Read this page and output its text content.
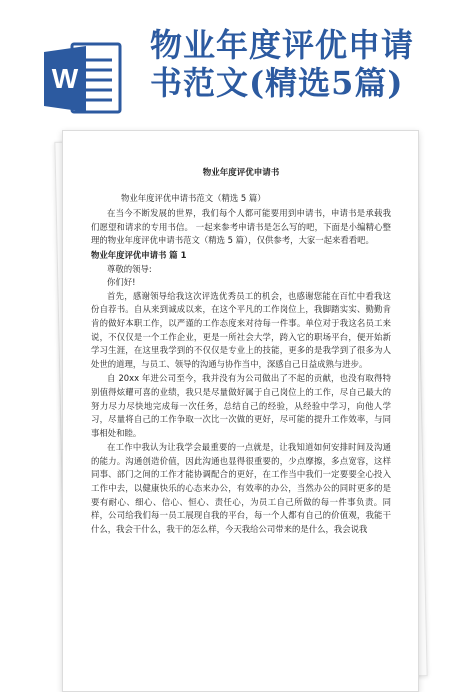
W
物业年度评优申请
书范文(精选5篇)
物业年度评优申请书
物业年度评优申请书范文（精选 5 篇）

在当今不断发展的世界，我们每个人都可能要用到申请书，申请书是承载我们愿望和请求的专用书信。 一起来参考申请书是怎么写的吧，下面是小编精心整理的物业年度评优申请书范文（精选 5 篇），仅供参考，大家一起来看看吧。

物业年度评优申请书 篇 1

尊敬的领导:

你们好!

首先，感谢领导给我这次评选优秀员工的机会，也感谢您能在百忙中看我这份自荐书。自从来到诚成以来，在这个平凡的工作岗位上，我脚踏实实、勤勤肯肯的做好本职工作，以严谨的工作态度来对待每一件事。单位对于我这名员工来说，不仅仅是一个工作企业，更是一所社会大学，跨入它的职场平台，便开始新学习生涯，在这里我学到的不仅仅是专业上的技能，更多的是我学到了很多为人处世的道理，与员工、领导的沟通与协作当中，深感自己日益成熟与进步。

自 20xx 年进公司至今，我并没有为公司做出了不起的贡献，也没有取得特别值得炫耀可喜的业绩，我只是尽量做好属于自己岗位上的工作，尽自己最大的努力尽力尽快地完成每一次任务，总结自己的经验，从经验中学习，向他人学习，尽量将自己的工作争取一次比一次做的更好，尽可能的提升工作效率，与同事相处和睦。

在工作中我认为让我学会最重要的一点就是，让我知道如何安排时间及沟通的能力。沟通创造价值，因此沟通也显得很重要的，少点摩擦，多点宽容，这样同事、部门之间的工作才能协调配合的更好，在工作当中我们一定要要全心投入工作中去，以健康快乐的心态来办公，有效率的办公，当然办公的同时更多的是要有耐心、细心、信心、恒心、责任心，为员工自己所做的每一件事负责。同样，公司给我们每一员工展现自我的平台，每一个人都有自己的价值观，我能干什么，我会干什么，我干的怎么样，今天我给公司带来的是什么，我会说我
